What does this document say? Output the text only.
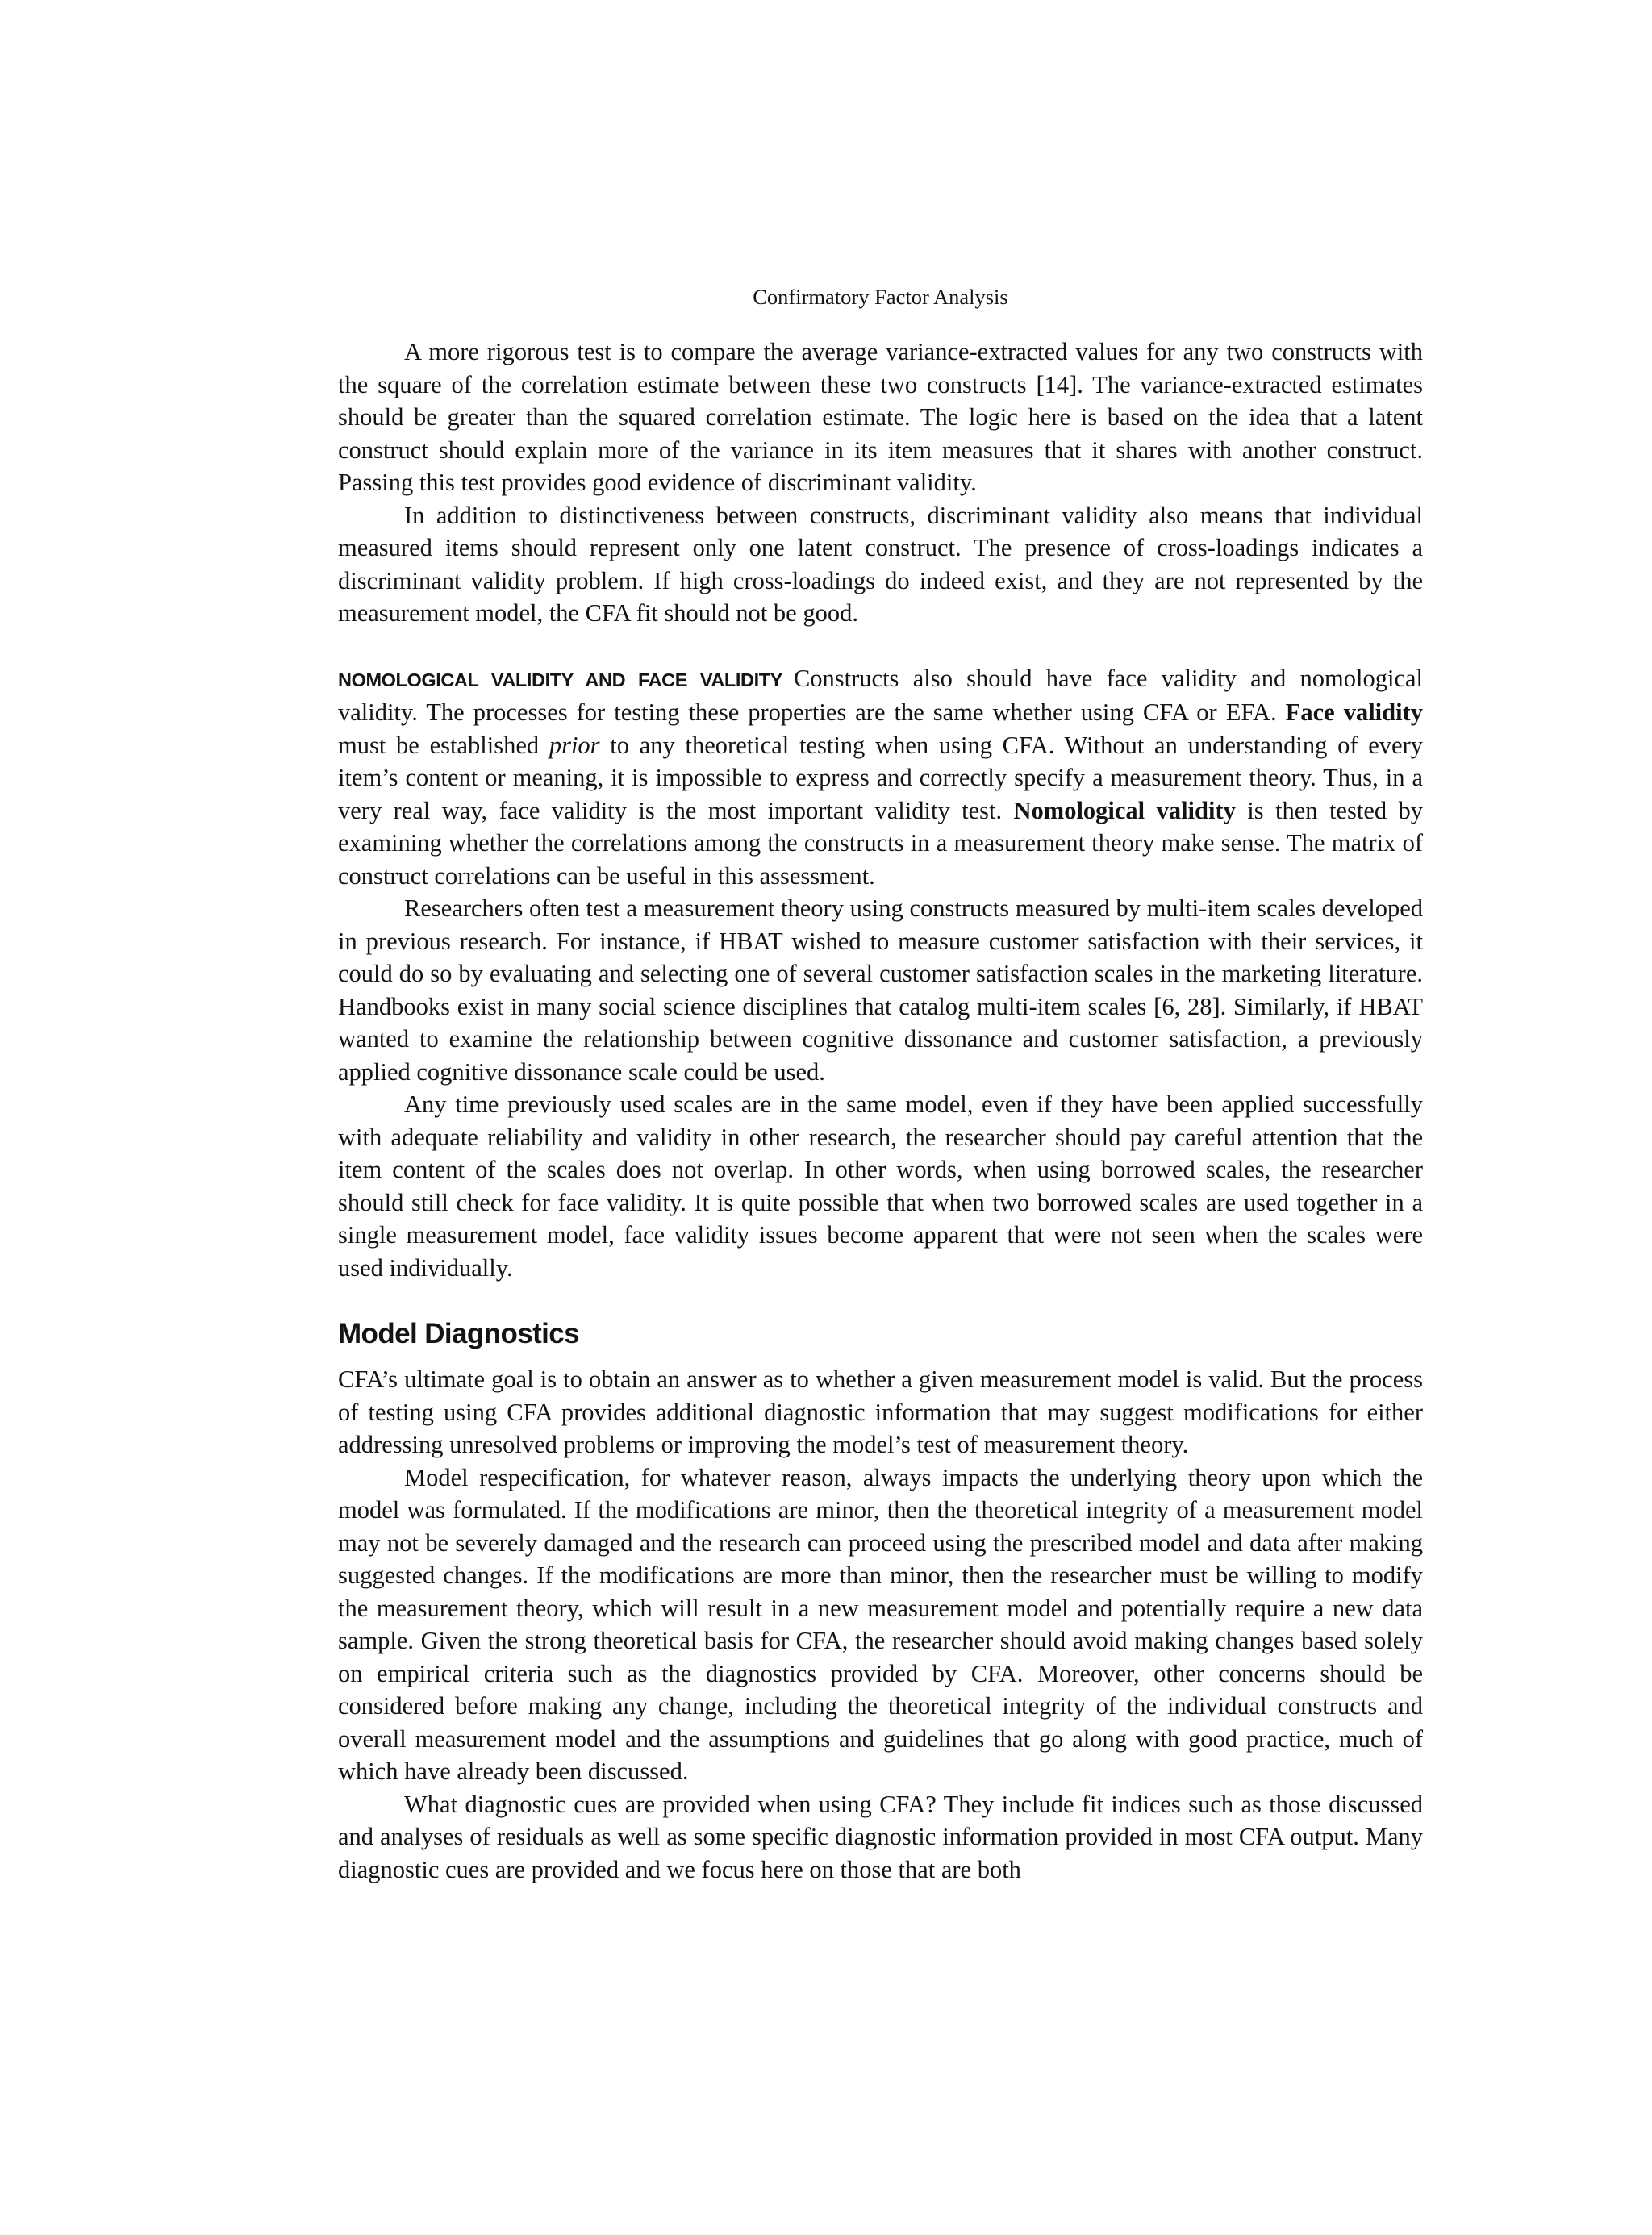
Confirmatory Factor Analysis

A more rigorous test is to compare the average variance-extracted values for any two constructs with the square of the correlation estimate between these two constructs [14]. The variance-extracted estimates should be greater than the squared correlation estimate. The logic here is based on the idea that a latent construct should explain more of the variance in its item measures that it shares with another construct. Passing this test provides good evidence of discriminant validity.

In addition to distinctiveness between constructs, discriminant validity also means that individual measured items should represent only one latent construct. The presence of cross-loadings indicates a discriminant validity problem. If high cross-loadings do indeed exist, and they are not represented by the measurement model, the CFA fit should not be good.

NOMOLOGICAL VALIDITY AND FACE VALIDITY Constructs also should have face validity and nomological validity. The processes for testing these properties are the same whether using CFA or EFA. Face validity must be established prior to any theoretical testing when using CFA. Without an understanding of every item’s content or meaning, it is impossible to express and correctly specify a measurement theory. Thus, in a very real way, face validity is the most important validity test. Nomological validity is then tested by examining whether the correlations among the constructs in a measurement theory make sense. The matrix of construct correlations can be useful in this assessment.

Researchers often test a measurement theory using constructs measured by multi-item scales developed in previous research. For instance, if HBAT wished to measure customer satisfaction with their services, it could do so by evaluating and selecting one of several customer satisfaction scales in the marketing literature. Handbooks exist in many social science disciplines that catalog multi-item scales [6, 28]. Similarly, if HBAT wanted to examine the relationship between cognitive dissonance and customer satisfaction, a previously applied cognitive dissonance scale could be used.

Any time previously used scales are in the same model, even if they have been applied successfully with adequate reliability and validity in other research, the researcher should pay careful attention that the item content of the scales does not overlap. In other words, when using borrowed scales, the researcher should still check for face validity. It is quite possible that when two borrowed scales are used together in a single measurement model, face validity issues become apparent that were not seen when the scales were used individually.

Model Diagnostics

CFA’s ultimate goal is to obtain an answer as to whether a given measurement model is valid. But the process of testing using CFA provides additional diagnostic information that may suggest modifications for either addressing unresolved problems or improving the model’s test of measurement theory.

Model respecification, for whatever reason, always impacts the underlying theory upon which the model was formulated. If the modifications are minor, then the theoretical integrity of a measurement model may not be severely damaged and the research can proceed using the prescribed model and data after making suggested changes. If the modifications are more than minor, then the researcher must be willing to modify the measurement theory, which will result in a new measurement model and potentially require a new data sample. Given the strong theoretical basis for CFA, the researcher should avoid making changes based solely on empirical criteria such as the diagnostics provided by CFA. Moreover, other concerns should be considered before making any change, including the theoretical integrity of the individual constructs and overall measurement model and the assumptions and guidelines that go along with good practice, much of which have already been discussed.

What diagnostic cues are provided when using CFA? They include fit indices such as those discussed and analyses of residuals as well as some specific diagnostic information provided in most CFA output. Many diagnostic cues are provided and we focus here on those that are both
